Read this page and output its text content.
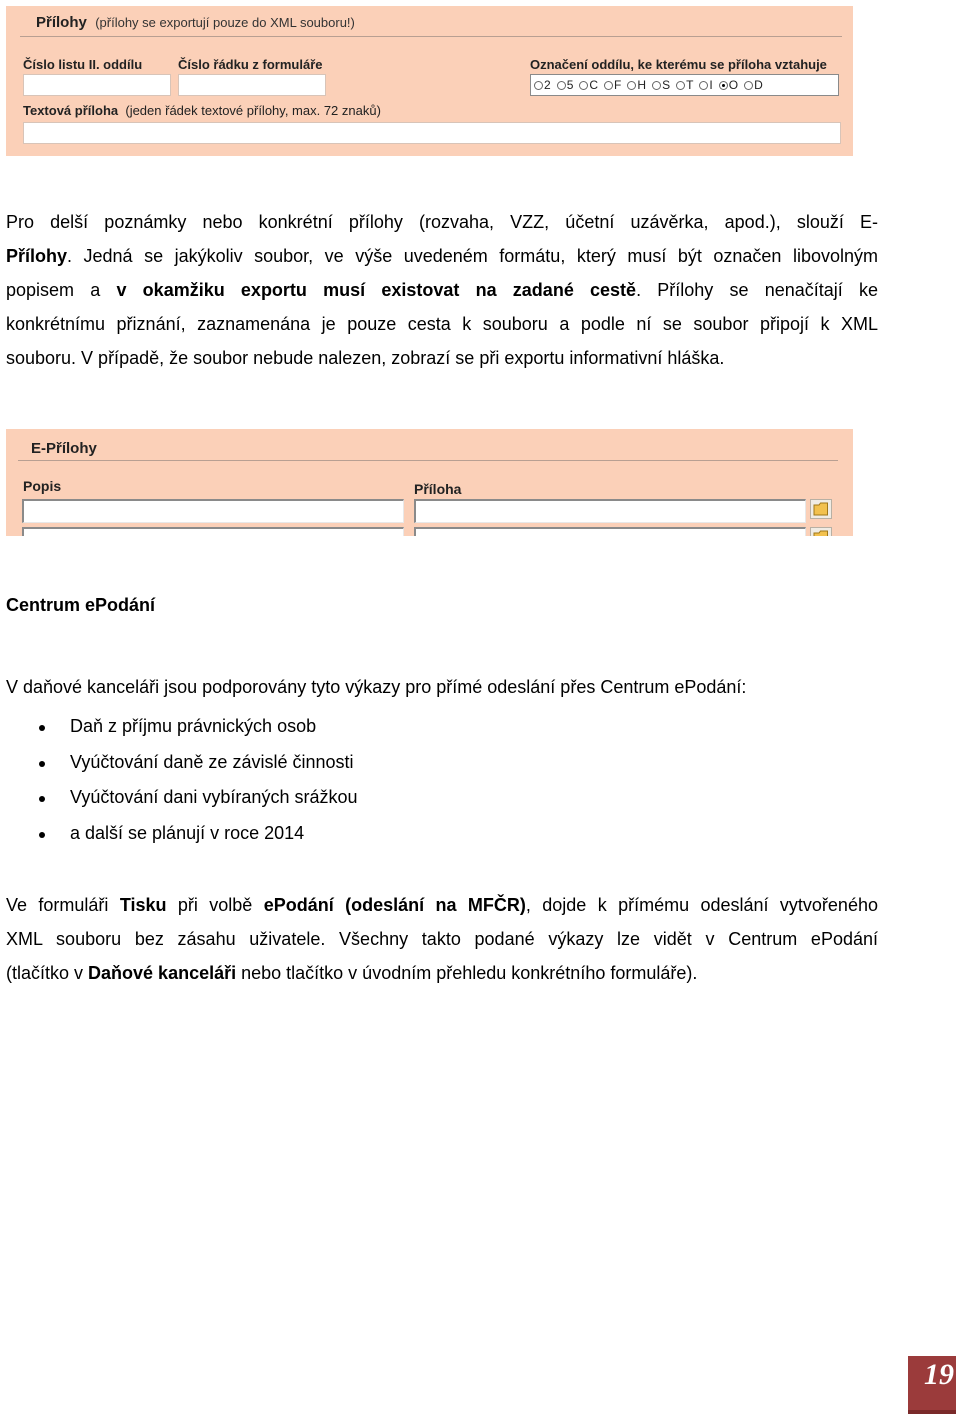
Přílohy (přílohy se exportují pouze do XML souboru!)
Číslo listu II. oddílu	Číslo řádku z formuláře	Označení oddílu, ke kterému se příloha vztahuje
2 5 C F H S T I O D
Textová příloha (jeden řádek textové přílohy, max. 72 znaků)
Pro delší poznámky nebo konkrétní přílohy (rozvaha, VZZ, účetní uzávěrka, apod.), slouží E-
Přílohy. Jedná se jakýkoliv soubor, ve výše uvedeném formátu, který musí být označen libovolným
popisem a v okamžiku exportu musí existovat na zadané cestě. Přílohy se nenačítají ke
konkrétnímu přiznání, zaznamenána je pouze cesta k souboru a podle ní se soubor připojí k XML
souboru. V případě, že soubor nebude nalezen, zobrazí se při exportu informativní hláška.
E-Přílohy
Popis	Příloha
Centrum ePodání
V daňové kanceláři jsou podporovány tyto výkazy pro přímé odeslání přes Centrum ePodání:
Daň z příjmu právnických osob
Vyúčtování daně ze závislé činnosti
Vyúčtování dani vybíraných srážkou
a další se plánují v roce 2014
Ve formuláři Tisku při volbě ePodání (odeslání na MFČR), dojde k přímému odeslání vytvořeného
XML souboru bez zásahu uživatele. Všechny takto podané výkazy lze vidět v Centrum ePodání
(tlačítko v Daňové kanceláři nebo tlačítko v úvodním přehledu konkrétního formuláře).
19
